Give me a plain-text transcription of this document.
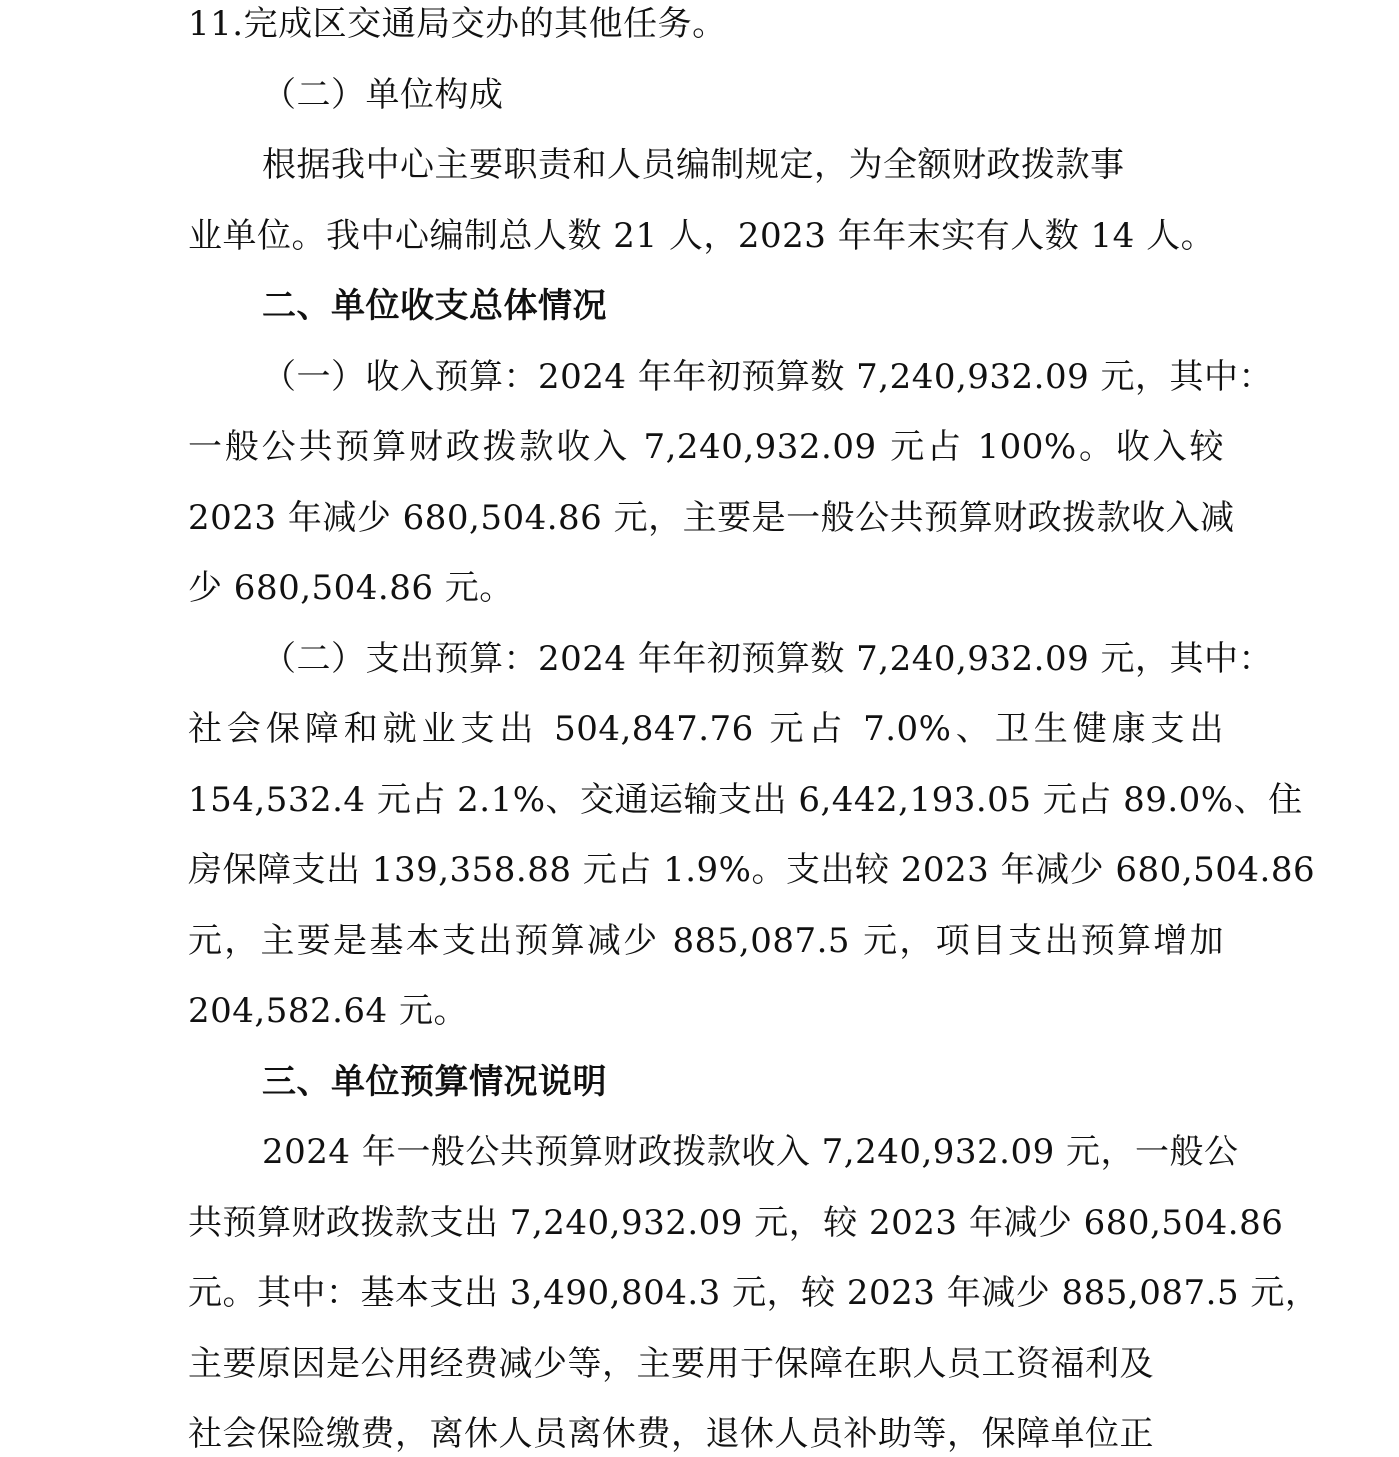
11.完成区交通局交办的其他任务。
（二）单位构成
根据我中心主要职责和人员编制规定，为全额财政拨款事
业单位。我中心编制总人数 21 人，2023 年年末实有人数 14 人。
二、单位收支总体情况
（一）收入预算：2024 年年初预算数 7,240,932.09 元，其中：
一般公共预算财政拨款收入 7,240,932.09 元占 100%。收入较
2023 年减少 680,504.86 元，主要是一般公共预算财政拨款收入减
少 680,504.86 元。
（二）支出预算：2024 年年初预算数 7,240,932.09 元，其中：
社会保障和就业支出 504,847.76 元占 7.0%、卫生健康支出
154,532.4 元占 2.1%、交通运输支出 6,442,193.05 元占 89.0%、住
房保障支出 139,358.88 元占 1.9%。支出较 2023 年减少 680,504.86
元，主要是基本支出预算减少 885,087.5 元，项目支出预算增加
204,582.64 元。
三、单位预算情况说明
2024 年一般公共预算财政拨款收入 7,240,932.09 元，一般公
共预算财政拨款支出 7,240,932.09 元，较 2023 年减少 680,504.86
元。其中：基本支出 3,490,804.3 元，较 2023 年减少 885,087.5 元，
主要原因是公用经费减少等，主要用于保障在职人员工资福利及
社会保险缴费，离休人员离休费，退休人员补助等，保障单位正
